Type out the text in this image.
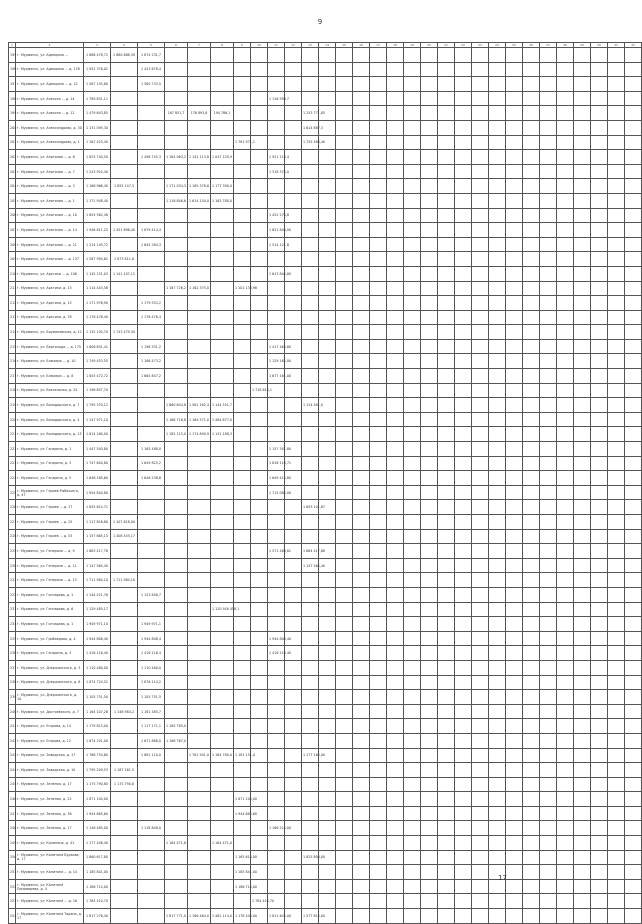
9
1	2	3	4	5	6	7	8	9	10	11	12	13	14	15	16	17	18	19	20	21	22	23	24	25	26	27	28	29	30	31	32
195	г. Мурманск, ул. Адмирала ...	1 886 478,72	1 880 688,30	1 874 231,7																											
196	г. Мурманск, ул. Адмирала ... д. 176	1 942 376,02		1 423 678,4																											
197	г. Мурманск, ул. Адмирала ... д. 12	1 587 155,80		1 580 733,5																											
198	г. Мурманск, ул. Алексея ... д. 14	1 789 831,11								1 116 598,7																					
199	г. Мурманск, ул. Алексея ... д. 12	1 479 643,85			167 851,7	176 893,8	194 786,1					1 253 771,85																			
200	г. Мурманск, ул. Александрова, д. 30	1 131 095,30										1 614 887,3																			
201	г. Мурманск, ул. Александрова, д. 1	1 167 425,40						1 781 971,1				1 755 488,40																			
202	г. Мурманск, ул. Анатолия ... д. 6	1 825 740,50		1 498 745,3	1 164 063,2	1 142 113,8	1 047 129,9			1 921 118,4																					
203	г. Мурманск, ул. Анатолия ... д. 7	1 243 910,40								1 318 378,0																					
204	г. Мурманск, ул. Анатолия ... д. 3	1 186 966,40	1 855 147,3		1 171 034,3	1 165 378,6	1 177 390,0																								
205	г. Мурманск, ул. Анатолия ... д. 1	1 171 948,40			1 116 846,6	1 614 150,0	1 163 780,0																								
206	г. Мурманск, ул. Анатолия ... д. 10	1 654 562,48								1 452 276,8																					
207	г. Мурманск, ул. Анатолия ... д. 14	1 946 611,25	1 451 896,40	1 879 414,4						1 621 840,00																					
208	г. Мурманск, ул. Анатолия ... д. 21	1 214 145,72		1 645 284,3						1 514 121,8																					
209	г. Мурманск, ул. Анатолия ... д. 137	1 287 994,62	1 873 811,8																												
210	г. Мурманск, ул. Арктики ... д. 106	1 145 151,03	1 141 107,12							1 613 844,80																					
211	г. Мурманск, ул. Арктики, д. 13	1 114 443,58			1 187 726,2	1 162 375,0		1 101 133,98																							
212	г. Мурманск, ул. Арктики, д. 15	1 171 976,90		1 179 553,2																											
213	г. Мурманск, ул. Арктики, д. 78	1 176 476,40		1 176 476,4																											
214	г. Мурманск, ул. Баумановская, д. 12	1 132 150,70	1 743 479,30																												
215	г. Мурманск, ул. Бертольда ... д. 175	1 606 631,41		1 196 331,2						1 417 463,80																					
216	г. Мурманск, ул. Блюхера ... д. 10	1 749 453,55		1 166 473,2						1 129 162,00																					
217	г. Мурманск, ул. Блюхера ... д. 8	1 845 472,72		1 684 847,2						1 677 161,00																					
218	г. Мурманск, ул. Вокзальная, д. 24	1 196 857,70							1 718 614,1																						
219	г. Мурманск, ул. Володарского, д. 7	1 795 370,12			1 660 644,8	1 561 162,4	1 144 551,7					1 114 481,0																			
220	г. Мурманск, ул. Володарского, д. 4	1 147 971,10			1 168 716,8	1 164 571,0	1 484 677,0																								
221	г. Мурманск, ул. Володарского, д. 13	1 614 160,00			1 185 115,0	1 174 890,9	1 141 188,3																								
222	г. Мурманск, ул. Гагарина, д. 1	1 447 540,80		1 165 488,0						1 157 341,80																					
223	г. Мурманск, ул. Гагарина, д. 3	1 747 640,80		1 649 825,2						1 816 116,71																					
224	г. Мурманск, ул. Гагарина, д. 5	1 648 165,60		1 646 238,6						1 649 415,80																					
225	г. Мурманск, ул. Героев Рыбачьего, д. 47	1 954 840,80								1 715 084,00																					
226	г. Мурманск, ул. Героев ... д. 17	1 845 614,71										1 693 101,87																			
227	г. Мурманск, ул. Героев ... д. 25	1 117 816,80	1 107 618,00																												
228	г. Мурманск, ул. Героев ... д. 53	1 157 665,15	1 408 455,17																												
229	г. Мурманск, ул. Генерала ... д. 9	1 683 417,78								1 571 488,81		1 684 417,88																			
230	г. Мурманск, ул. Генерала ... д. 11	1 147 564,40										1 147 564,40																			
231	г. Мурманск, ул. Генерала ... д. 13	1 711 984,10	1 711 984,10																												
232	г. Мурманск, ул. Гончарова, д. 1	1 144 421,76		1 123 848,7																											
233	г. Мурманск, ул. Гончарова, д. 6	1 129 485,17					1 120 916 458,1																								
234	г. Мурманск, ул. Гончарова, д. 1	1 949 971,10		1 949 971,1																											
235	г. Мурманск, ул. Грибоедова, д. 4	1 944 808,40		1 944 808,4						1 944 808,40																					
236	г. Мурманск, ул. Гагарина, д. 3	1 416 116,40		1 416 116,4						1 416 116,40																					
237	г. Мурманск, ул. Дзержинского, д. 3	1 110 480,00		1 110 480,0																											
238	г. Мурманск, ул. Дзержинского, д. 6	1 874 724,52		1 876 114,2																											
239	г. Мурманск, ул. Дзержинского, д. 10	1 105 751,50		1 105 751,5																											
240	г. Мурманск, ул. Достоевского, д. 7	1 164 107,26	1 148 984,2	1 161 485,7																											
241	г. Мурманск, ул. Егорова, д. 14	1 179 815,00		1 117 171,1	1 165 785,0																										
242	г. Мурманск, ул. Егорова, д. 12	1 674 101,00		1 671 888,0	1 168 767,0																										
243	г. Мурманск, ул. Заводская, д. 17	1 766 754,60		1 881 110,0		1 781 941,0	1 164 780,0	1 181 151,0				1 177 165,00																			
244	г. Мурманск, ул. Заводская, д. 10	1 795 209,53	1 187 161,5																												
245	г. Мурманск, ул. Зеленая, д. 17	1 175 790,80	1 175 790,8																												
246	г. Мурманск, ул. Зеленая, д. 22	1 871 104,00						1 871 104,00																							
247	г. Мурманск, ул. Зеленая, д. 36	1 944 685,60						1 944 685,60																							
248	г. Мурманск, ул. Зеленая, д. 17	1 148 485,00		1 118 848,0						1 166 214,00																					
249	г. Мурманск, ул. Калинина, д. 41	1 177 446,40			1 164 471,6		1 164 471,0																								
250	г. Мурманск, ул. Капитана Буркова, д. 17	1 860 617,80						1 165 614,00				1 825 800,00																			
251	г. Мурманск, ул. Капитана ... д. 14	1 185 841,00						1 185 841,00																							
252	г. Мурманск, ул. Капитана Пономарева, д. 4	1 186 714,00						1 186 714,00																							
253	г. Мурманск, ул. Капитана ... д. 16	1 784 410,70							1 784 410,70																						
254	г. Мурманск, ул. Капитана Тарана, д. 17	1 817 276,40			1 817 771,0	1 166 464,0	1 461 114,0	1 178 444,00		1 811 645,00		1 577 815,00																			
17
